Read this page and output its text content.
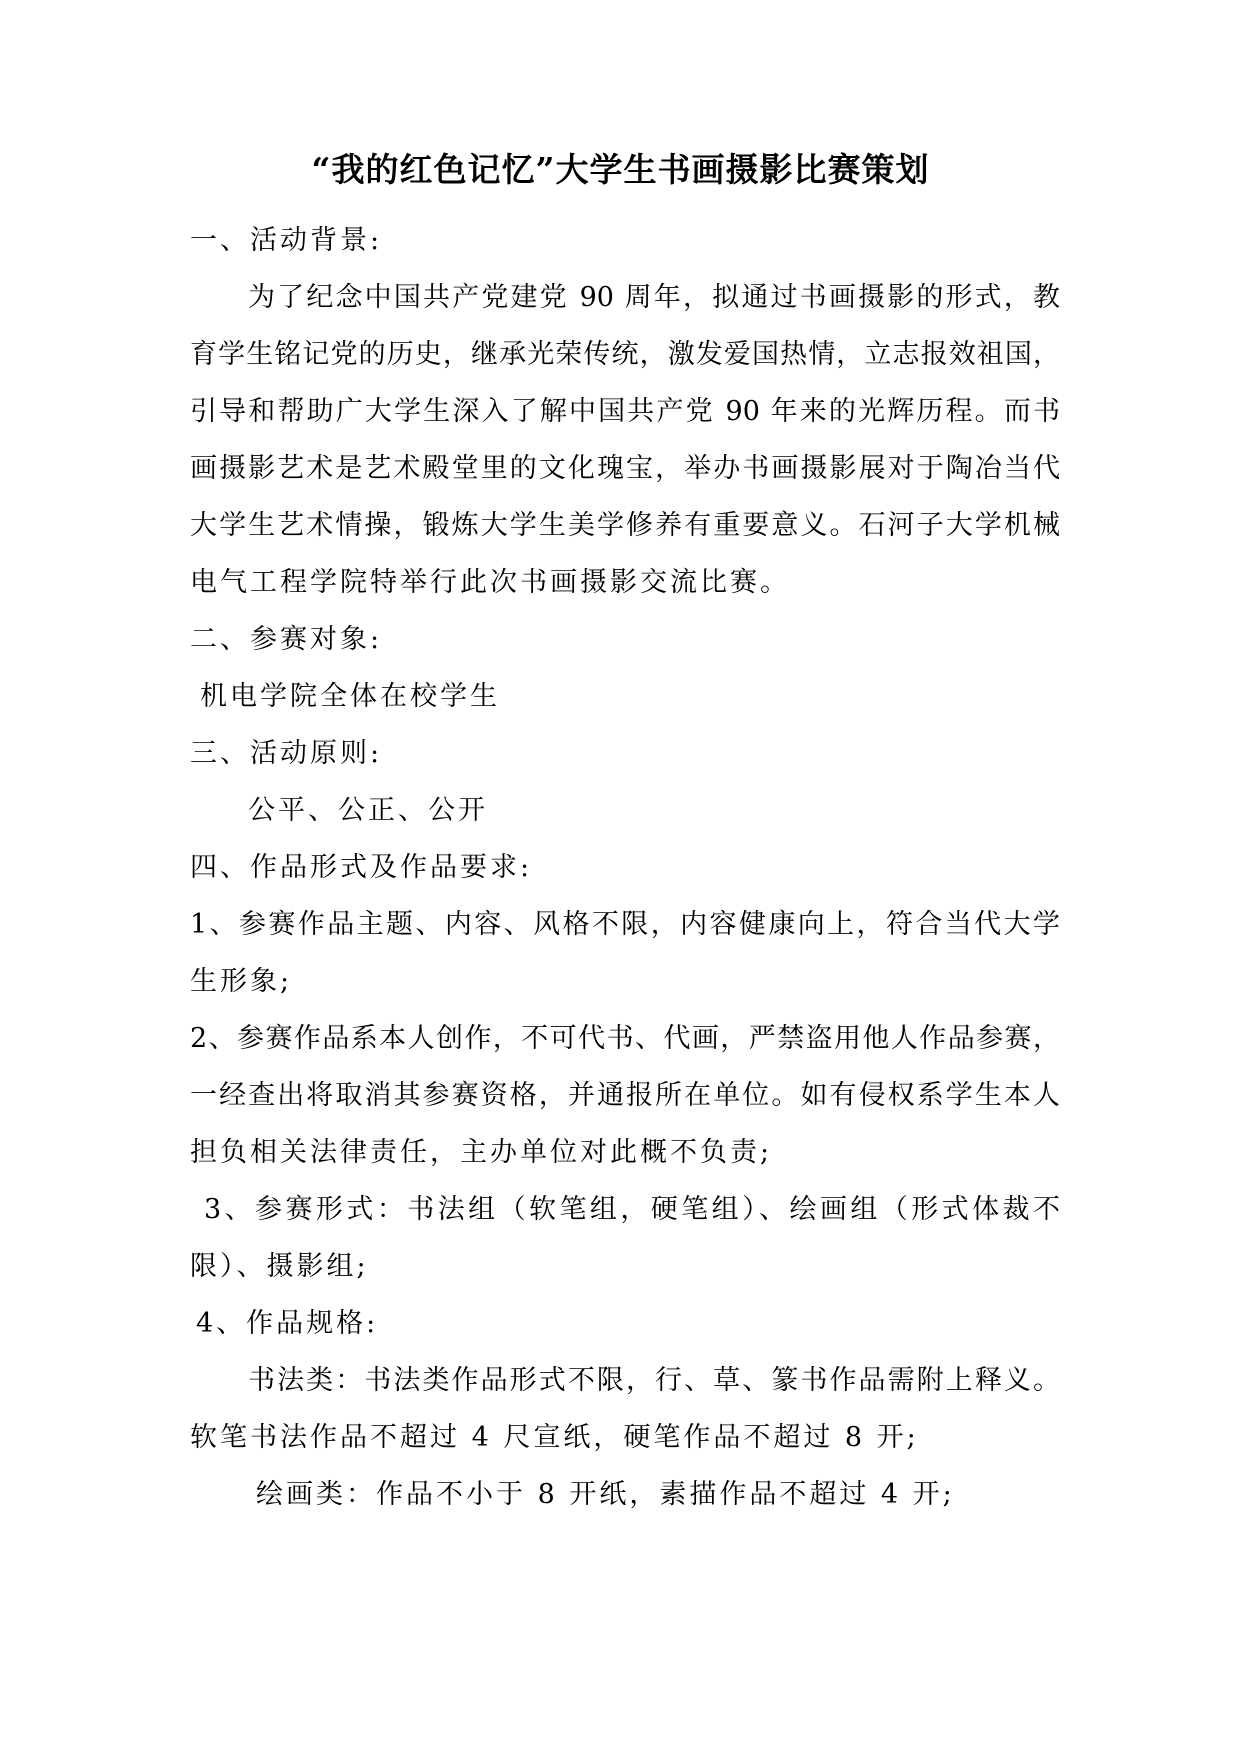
“我的红色记忆”大学生书画摄影比赛策划
一、活动背景:
为了纪念中国共产党建党 90 周年，拟通过书画摄影的形式，教
育学生铭记党的历史，继承光荣传统，激发爱国热情，立志报效祖国，
引导和帮助广大学生深入了解中国共产党 90 年来的光辉历程。而书
画摄影艺术是艺术殿堂里的文化瑰宝，举办书画摄影展对于陶冶当代
大学生艺术情操，锻炼大学生美学修养有重要意义。石河子大学机械
电气工程学院特举行此次书画摄影交流比赛。
二、参赛对象:
机电学院全体在校学生
三、活动原则:
公平、公正、公开
四、作品形式及作品要求:
1、参赛作品主题、内容、风格不限，内容健康向上，符合当代大学
生形象;
2、参赛作品系本人创作，不可代书、代画，严禁盗用他人作品参赛，
一经查出将取消其参赛资格，并通报所在单位。如有侵权系学生本人
担负相关法律责任，主办单位对此概不负责;
3、参赛形式：书法组（软笔组，硬笔组）、绘画组（形式体裁不
限）、摄影组;
4、作品规格:
书法类：书法类作品形式不限，行、草、篆书作品需附上释义。
软笔书法作品不超过 4 尺宣纸，硬笔作品不超过 8 开;
绘画类：作品不小于 8 开纸，素描作品不超过 4 开;
